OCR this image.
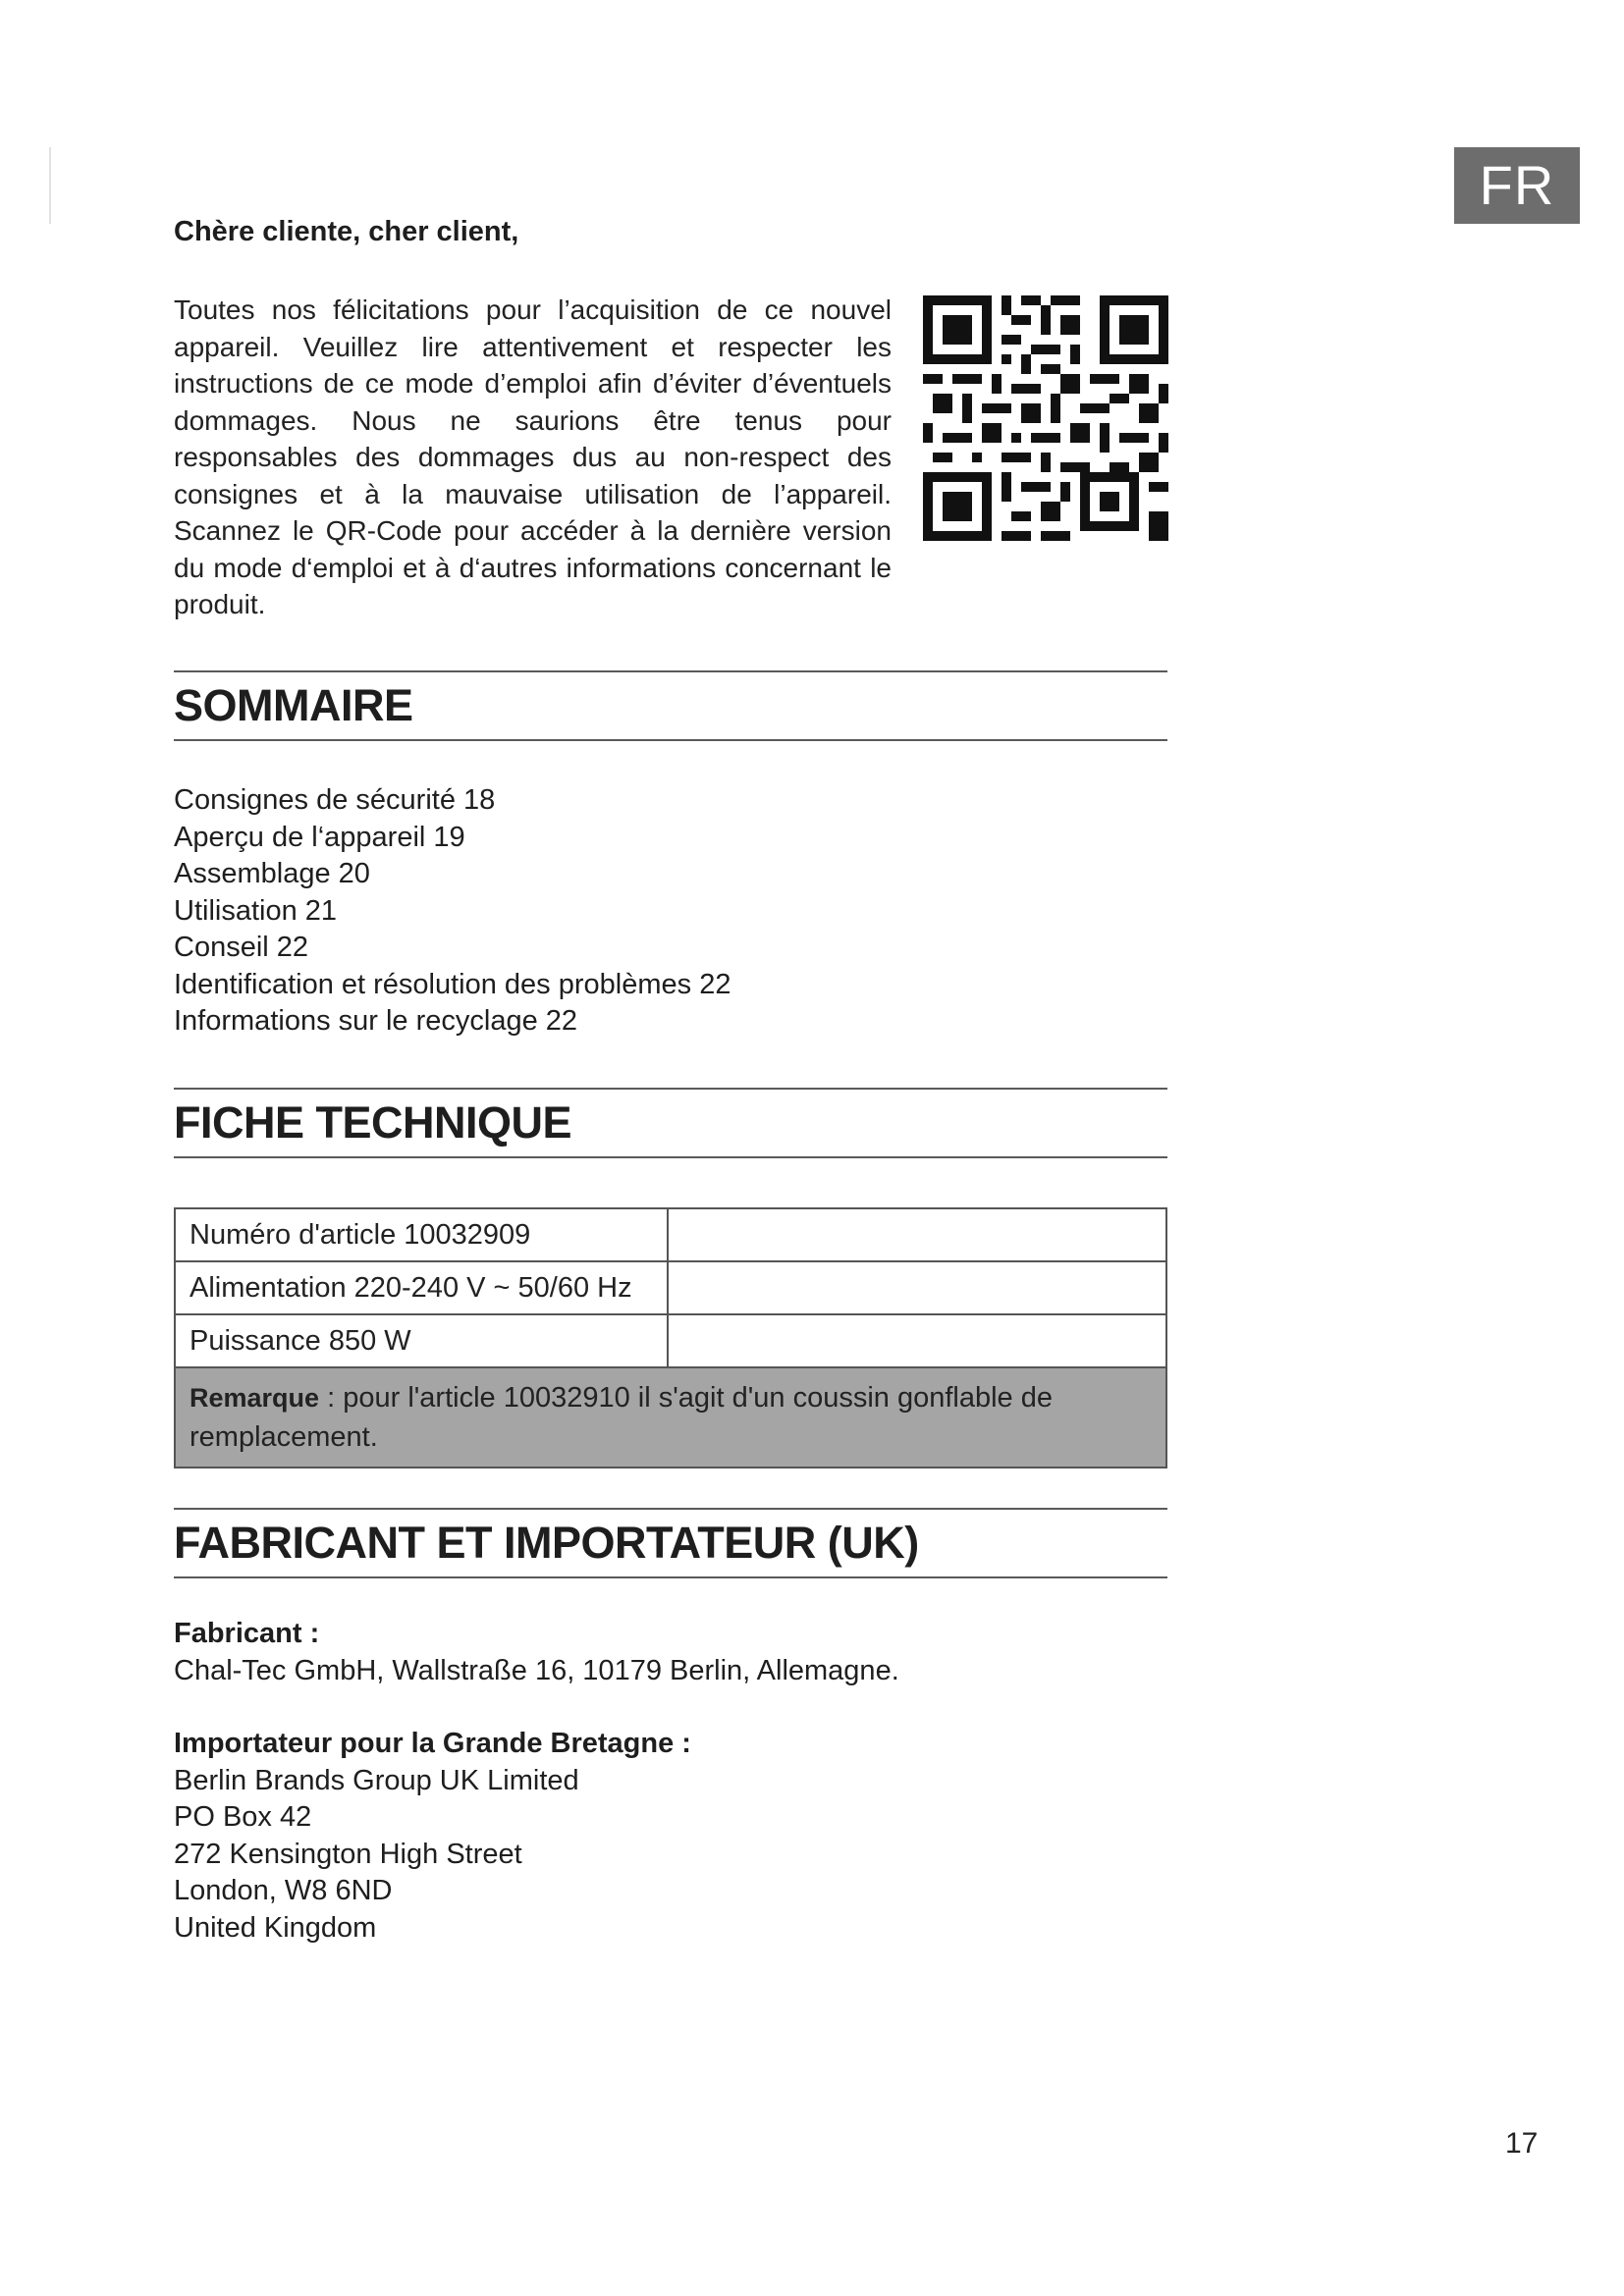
FR
Chère cliente, cher client,

Toutes nos félicitations pour l’acquisition de ce nouvel appareil. Veuillez lire attentivement et respecter les instructions de ce mode d’emploi afin d’éviter d’éventuels dommages. Nous ne saurions être tenus pour responsables des dommages dus au non-respect des consignes et à la mauvaise utilisation de l’appareil. Scannez le QR-Code pour accéder à la dernière version du mode d‘emploi et à d‘autres informations concernant le produit.

SOMMAIRE
Consignes de sécurité 18
Aperçu de l‘appareil 19
Assemblage 20
Utilisation 21
Conseil 22
Identification et résolution des problèmes 22
Informations sur le recyclage 22
FICHE TECHNIQUE
Numéro d'article 10032909	
Alimentation 220-240 V ~ 50/60 Hz	
Puissance 850 W	
Remarque : pour l'article 10032910 il s'agit d'un coussin gonflable de remplacement.	
FABRICANT ET IMPORTATEUR (UK)
Fabricant :
Chal-Tec GmbH, Wallstraße 16, 10179 Berlin, Allemagne.
Importateur pour la Grande Bretagne :
Berlin Brands Group UK Limited
PO Box 42
272 Kensington High Street
London, W8 6ND
United Kingdom
17
